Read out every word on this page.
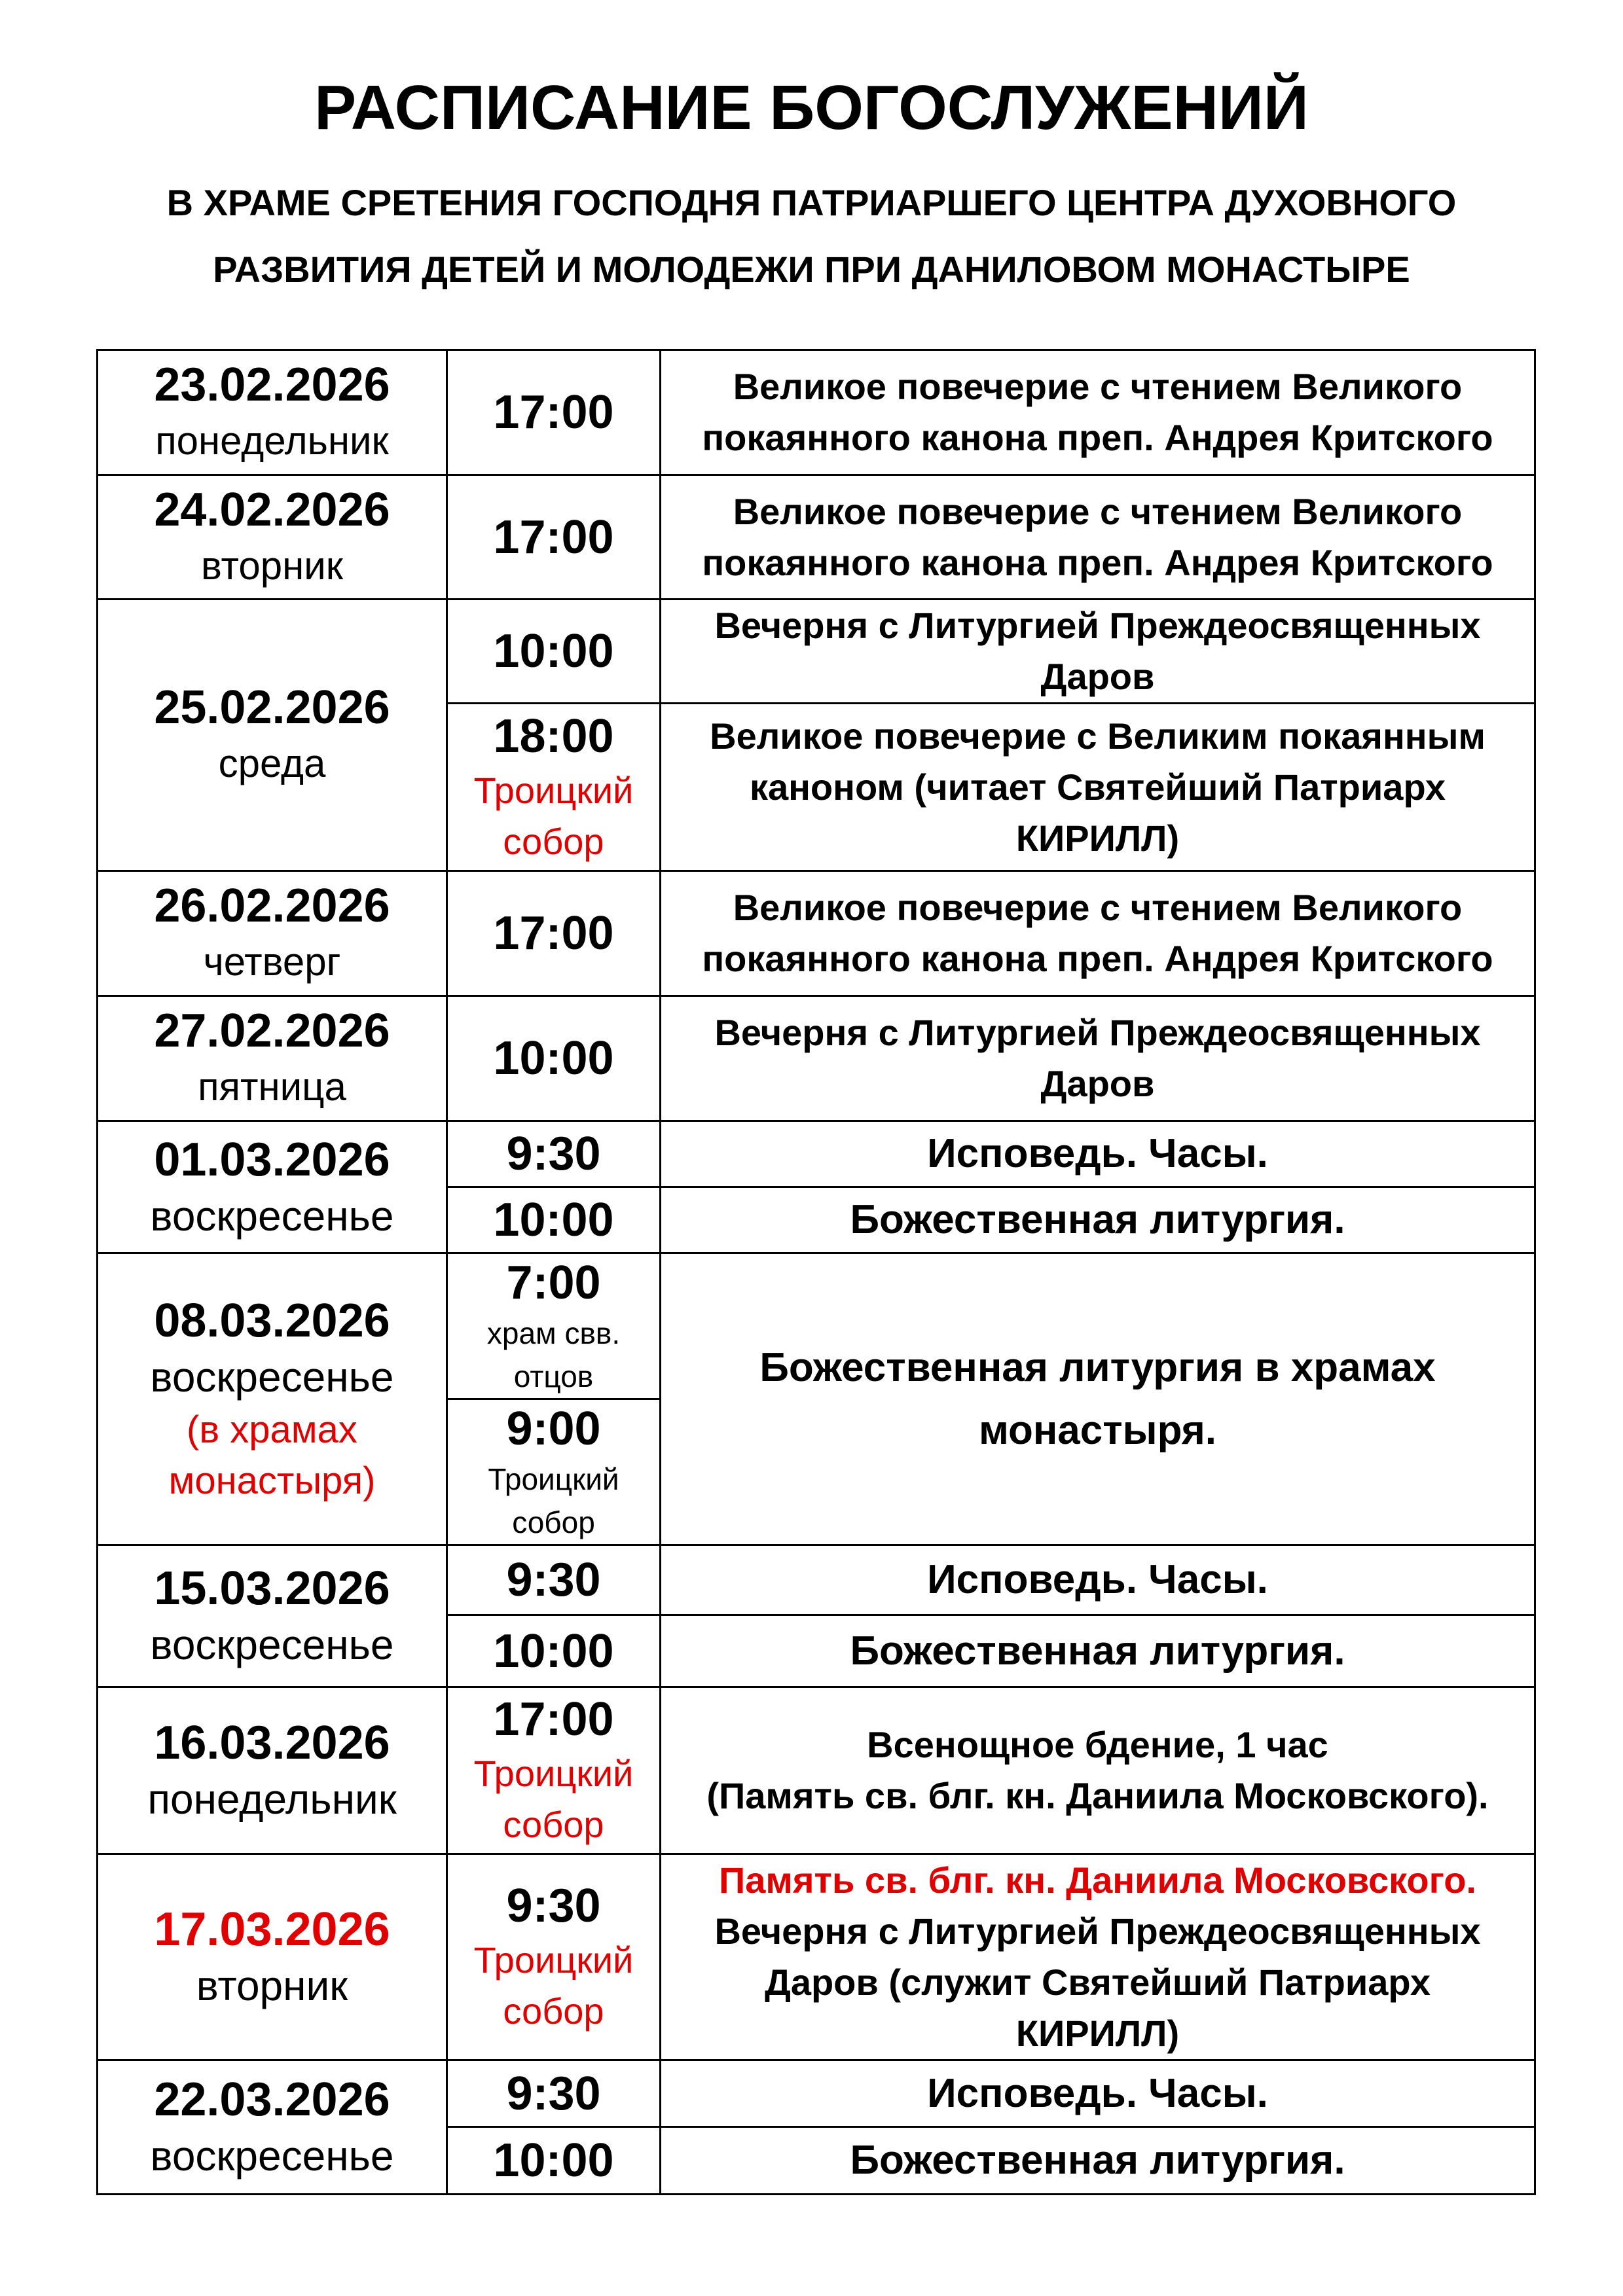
РАСПИСАНИЕ БОГОСЛУЖЕНИЙ
В ХРАМЕ СРЕТЕНИЯ ГОСПОДНЯ ПАТРИАРШЕГО ЦЕНТРА ДУХОВНОГО
РАЗВИТИЯ ДЕТЕЙ И МОЛОДЕЖИ ПРИ ДАНИЛОВОМ МОНАСТЫРЕ
23.02.2026
понедельник	17:00	Великое повечерие с чтением Великого
покаянного канона преп. Андрея Критского

24.02.2026
вторник	17:00	Великое повечерие с чтением Великого
покаянного канона преп. Андрея Критского

25.02.2026
среда	10:00	Вечерня с Литургией Преждеосвященных
Даров

	18:00
Троицкий
собор	Великое повечерие с Великим покаянным
каноном (читает Святейший Патриарх
КИРИЛЛ)

26.02.2026
четверг	17:00	Великое повечерие с чтением Великого
покаянного канона преп. Андрея Критского

27.02.2026
пятница	10:00	Вечерня с Литургией Преждеосвященных
Даров

01.03.2026
воскресенье	9:30	Исповедь. Часы.

	10:00	Божественная литургия.

08.03.2026
воскресенье
(в храмах
монастыря)	7:00
храм свв.
отцов	Божественная литургия в храмах
монастыря.

	9:00
Троицкий
собор	

15.03.2026
воскресенье	9:30	Исповедь. Часы.

	10:00	Божественная литургия.

16.03.2026
понедельник	17:00
Троицкий
собор	Всенощное бдение, 1 час
(Память св. блг. кн. Даниила Московского).

17.03.2026
вторник	9:30
Троицкий
собор	Память св. блг. кн. Даниила Московского.
Вечерня с Литургией Преждеосвященных
Даров (служит Святейший Патриарх
КИРИЛЛ)

22.03.2026
воскресенье	9:30	Исповедь. Часы.

	10:00	Божественная литургия.
